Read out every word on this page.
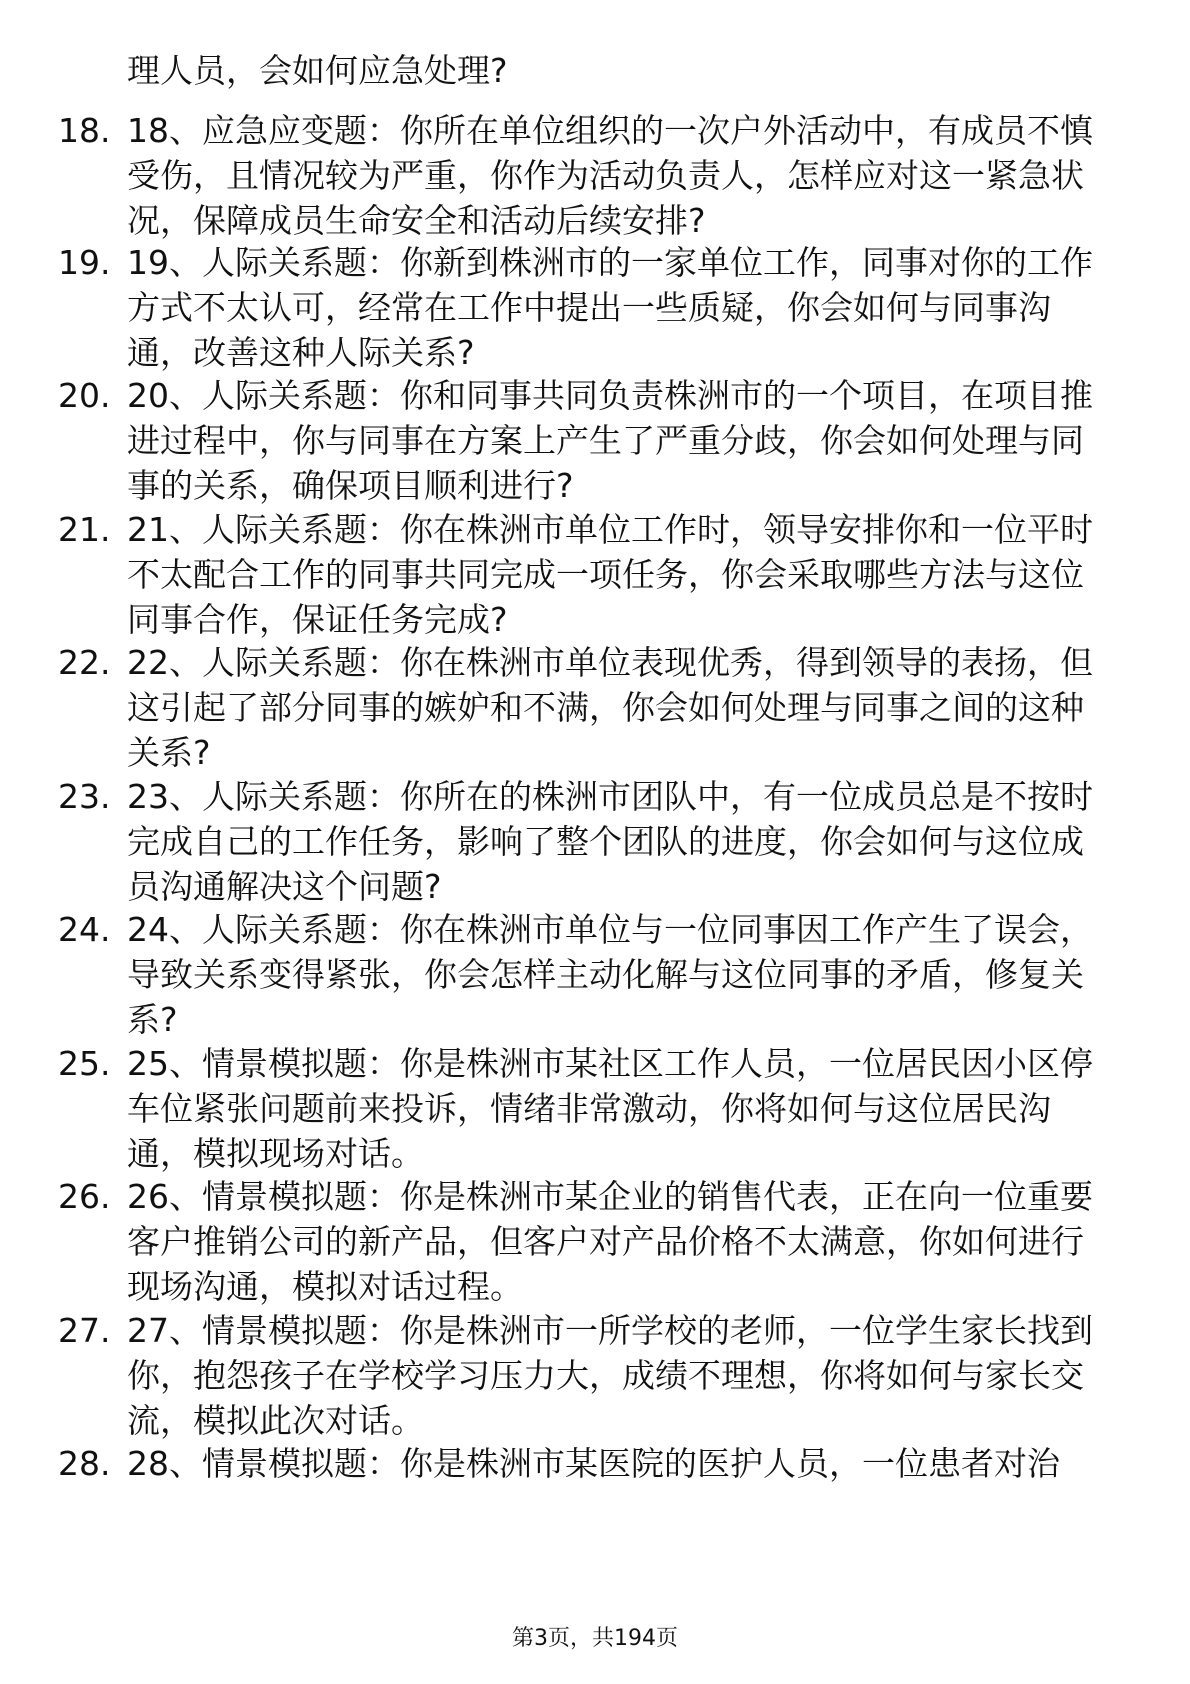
理人员，会如何应急处理?
18. 18、应急应变题：你所在单位组织的一次户外活动中，有成员不慎受伤，且情况较为严重，你作为活动负责人，怎样应对这一紧急状况，保障成员生命安全和活动后续安排?
19. 19、人际关系题：你新到株洲市的一家单位工作，同事对你的工作方式不太认可，经常在工作中提出一些质疑，你会如何与同事沟通，改善这种人际关系?
20. 20、人际关系题：你和同事共同负责株洲市的一个项目，在项目推进过程中，你与同事在方案上产生了严重分歧，你会如何处理与同事的关系，确保项目顺利进行?
21. 21、人际关系题：你在株洲市单位工作时，领导安排你和一位平时不太配合工作的同事共同完成一项任务，你会采取哪些方法与这位同事合作，保证任务完成?
22. 22、人际关系题：你在株洲市单位表现优秀，得到领导的表扬，但这引起了部分同事的嫉妒和不满，你会如何处理与同事之间的这种关系?
23. 23、人际关系题：你所在的株洲市团队中，有一位成员总是不按时完成自己的工作任务，影响了整个团队的进度，你会如何与这位成员沟通解决这个问题?
24. 24、人际关系题：你在株洲市单位与一位同事因工作产生了误会，导致关系变得紧张，你会怎样主动化解与这位同事的矛盾，修复关系?
25. 25、情景模拟题：你是株洲市某社区工作人员，一位居民因小区停车位紧张问题前来投诉，情绪非常激动，你将如何与这位居民沟通，模拟现场对话。
26. 26、情景模拟题：你是株洲市某企业的销售代表，正在向一位重要客户推销公司的新产品，但客户对产品价格不太满意，你如何进行现场沟通，模拟对话过程。
27. 27、情景模拟题：你是株洲市一所学校的老师，一位学生家长找到你，抱怨孩子在学校学习压力大，成绩不理想，你将如何与家长交流，模拟此次对话。
28. 28、情景模拟题：你是株洲市某医院的医护人员，一位患者对治
第3页，共194页
